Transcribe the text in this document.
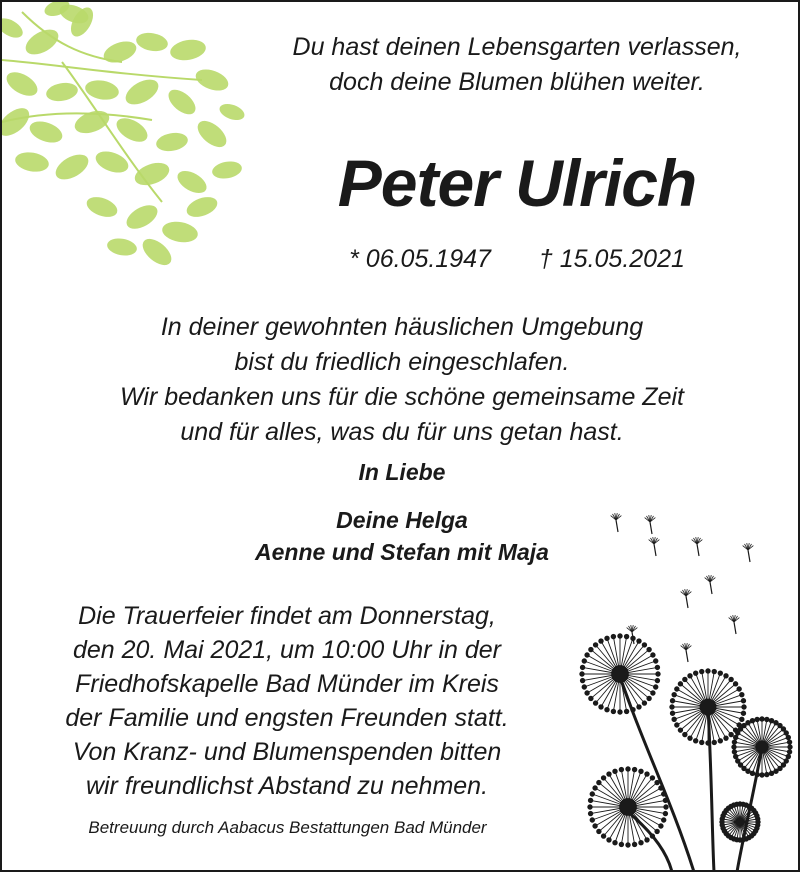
Du hast deinen Lebensgarten verlassen,
doch deine Blumen blühen weiter.
Peter Ulrich
* 06.05.1947 † 15.05.2021
In deiner gewohnten häuslichen Umgebung
bist du friedlich eingeschlafen.
Wir bedanken uns für die schöne gemeinsame Zeit
und für alles, was du für uns getan hast.
In Liebe
Deine Helga
Aenne und Stefan mit Maja
Die Trauerfeier findet am Donnerstag,
den 20. Mai 2021, um 10:00 Uhr in der
Friedhofskapelle Bad Münder im Kreis
der Familie und engsten Freunden statt.
Von Kranz- und Blumenspenden bitten
wir freundlichst Abstand zu nehmen.
Betreuung durch Aabacus Bestattungen Bad Münder
